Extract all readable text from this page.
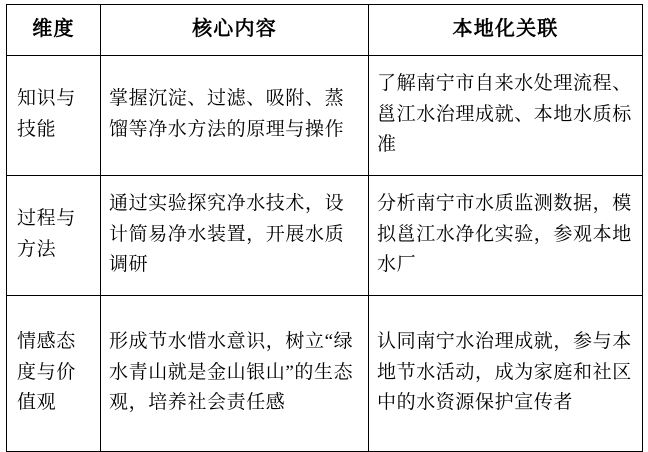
维度	核心内容	本地化关联
知识与技能	掌握沉淀、过滤、吸附、蒸馏等净水方法的原理与操作	了解南宁市自来水处理流程、邕江水治理成就、本地水质标准
过程与方法	通过实验探究净水技术，设计简易净水装置，开展水质调研	分析南宁市水质监测数据，模拟邕江水净化实验，参观本地水厂
情感态度与价值观	形成节水惜水意识，树立“绿水青山就是金山银山”的生态观，培养社会责任感	认同南宁水治理成就，参与本地节水活动，成为家庭和社区中的水资源保护宣传者
